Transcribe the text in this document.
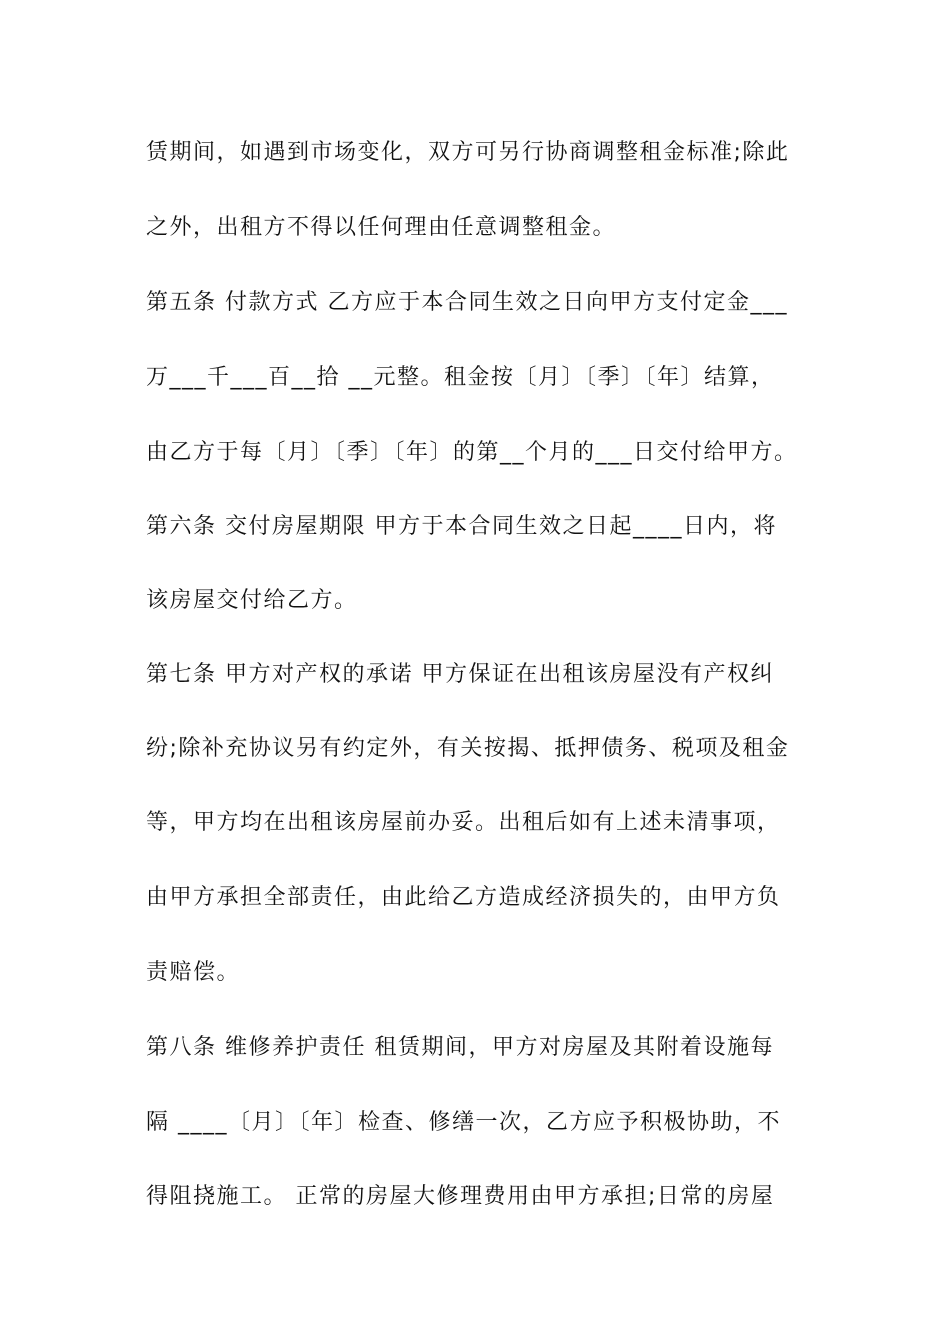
赁期间，如遇到市场变化，双方可另行协商调整租金标准;除此
之外，出租方不得以任何理由任意调整租金。
第五条 付款方式 乙方应于本合同生效之日向甲方支付定金___
万___千___百__拾 __元整。租金按〔月〕〔季〕〔年〕结算，
由乙方于每〔月〕〔季〕〔年〕的第__个月的___日交付给甲方。
第六条 交付房屋期限 甲方于本合同生效之日起____日内，将
该房屋交付给乙方。
第七条 甲方对产权的承诺 甲方保证在出租该房屋没有产权纠
纷;除补充协议另有约定外，有关按揭、抵押债务、税项及租金
等，甲方均在出租该房屋前办妥。出租后如有上述未清事项，
由甲方承担全部责任，由此给乙方造成经济损失的，由甲方负
责赔偿。
第八条 维修养护责任 租赁期间，甲方对房屋及其附着设施每
隔 ____〔月〕〔年〕检查、修缮一次，乙方应予积极协助，不
得阻挠施工。 正常的房屋大修理费用由甲方承担;日常的房屋
